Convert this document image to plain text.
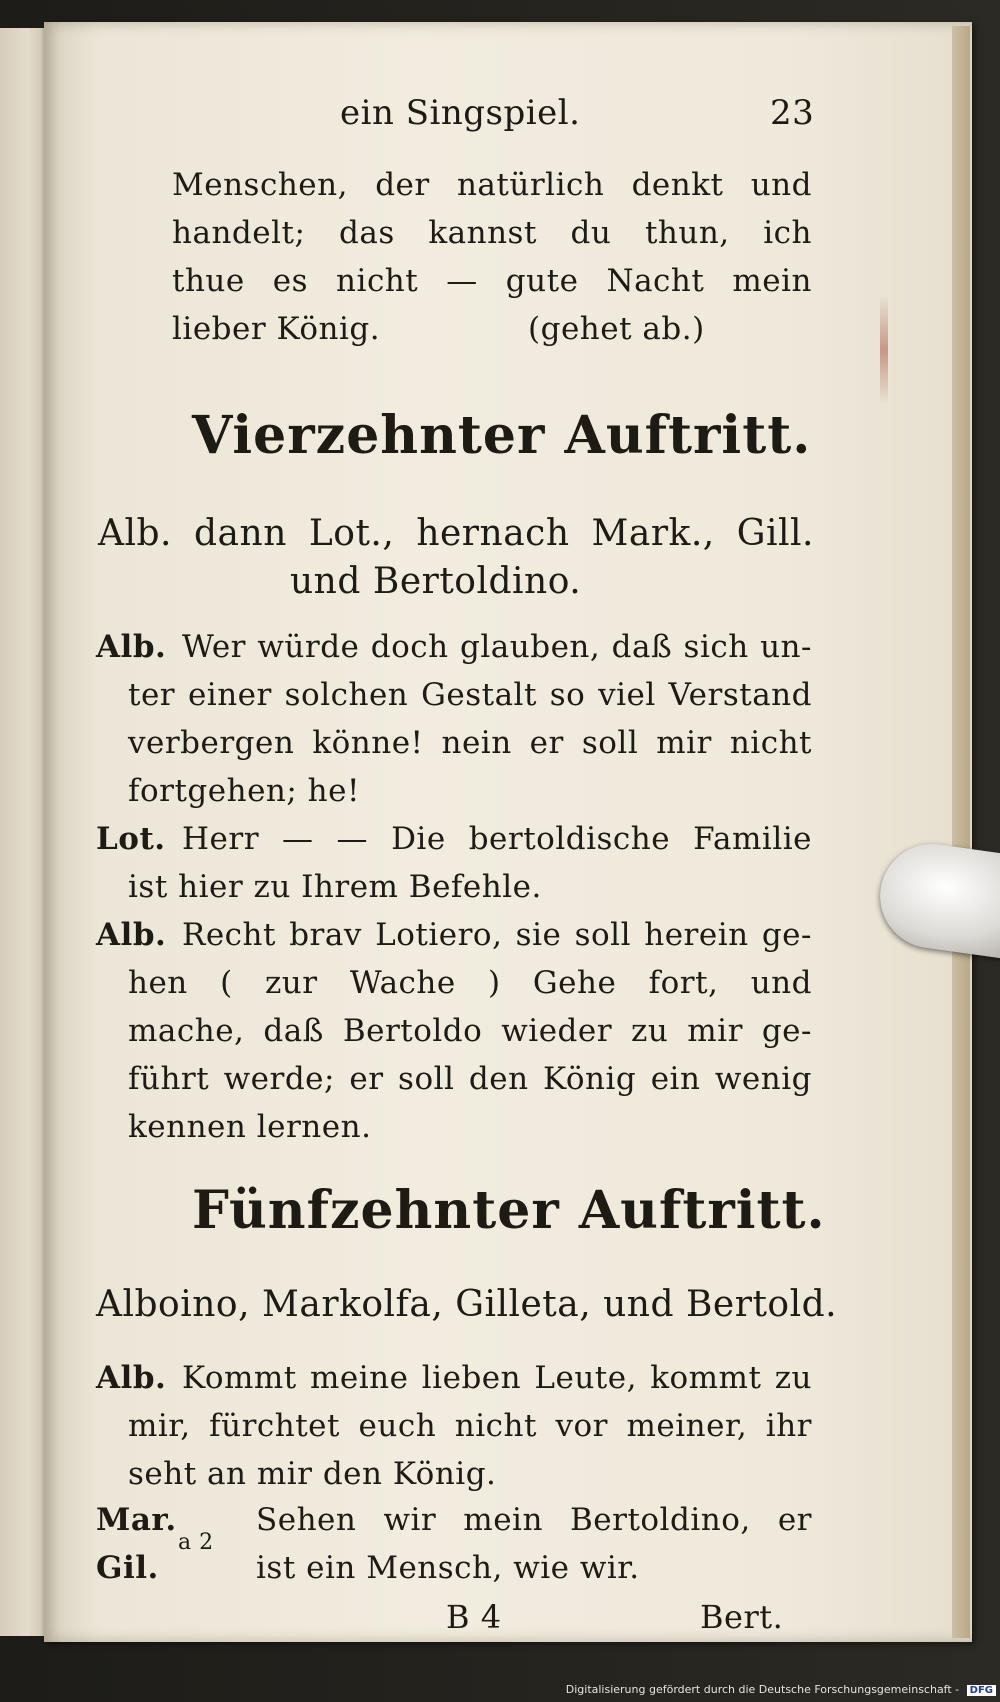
ein Singspiel.	23
Menschen, der natürlich denkt und
handelt; das kannst du thun, ich
thue es nicht — gute Nacht mein
lieber König.	(gehet ab.)
Vierzehnter Auftritt.
Alb. dann Lot., hernach Mark., Gill.
und Bertoldino.
Alb. Wer würde doch glauben, daß sich un-
ter einer solchen Gestalt so viel Verstand
verbergen könne! nein er soll mir nicht
fortgehen; he!
Lot. Herr — — Die bertoldische Familie
ist hier zu Ihrem Befehle.
Alb. Recht brav Lotiero, sie soll herein ge-
hen ( zur Wache ) Gehe fort, und
mache, daß Bertoldo wieder zu mir ge-
führt werde; er soll den König ein wenig
kennen lernen.
Fünfzehnter Auftritt.
Alboino, Markolfa, Gilleta, und Bertold.
Alb. Kommt meine lieben Leute, kommt zu
mir, fürchtet euch nicht vor meiner, ihr
seht an mir den König.
Mar.
Gil.
a 2
Sehen wir mein Bertoldino, er
ist ein Mensch, wie wir.
B 4	Bert.
Digitalisierung gefördert durch die Deutsche Forschungsgemeinschaft - DFG
